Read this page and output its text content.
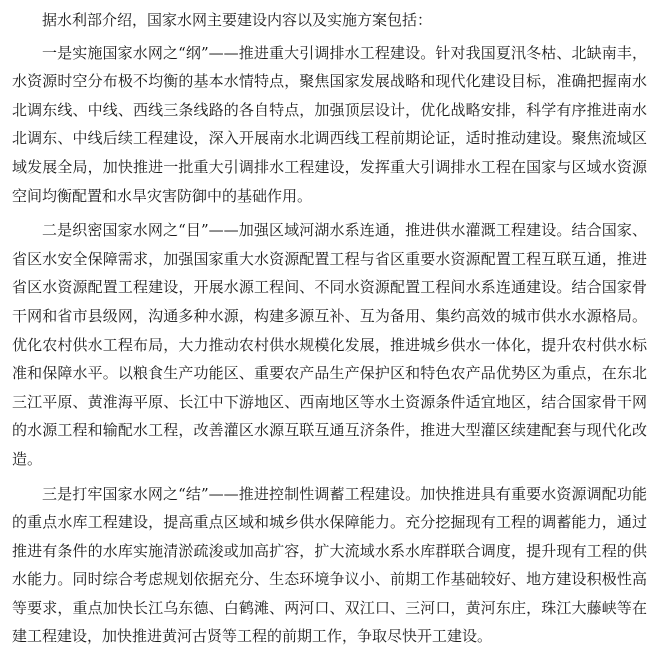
据水利部介绍，国家水网主要建设内容以及实施方案包括：

一是实施国家水网之“纲”——推进重大引调排水工程建设。针对我国夏汛冬枯、北缺南丰，水资源时空分布极不均衡的基本水情特点，聚焦国家发展战略和现代化建设目标，准确把握南水北调东线、中线、西线三条线路的各自特点，加强顶层设计，优化战略安排，科学有序推进南水北调东、中线后续工程建设，深入开展南水北调西线工程前期论证，适时推动建设。聚焦流域区域发展全局，加快推进一批重大引调排水工程建设，发挥重大引调排水工程在国家与区域水资源空间均衡配置和水旱灾害防御中的基础作用。

二是织密国家水网之“目”——加强区域河湖水系连通，推进供水灌溉工程建设。结合国家、省区水安全保障需求，加强国家重大水资源配置工程与省区重要水资源配置工程互联互通，推进省区水资源配置工程建设，开展水源工程间、不同水资源配置工程间水系连通建设。结合国家骨干网和省市县级网，沟通多种水源，构建多源互补、互为备用、集约高效的城市供水水源格局。优化农村供水工程布局，大力推动农村供水规模化发展，推进城乡供水一体化，提升农村供水标准和保障水平。以粮食生产功能区、重要农产品生产保护区和特色农产品优势区为重点，在东北三江平原、黄淮海平原、长江中下游地区、西南地区等水土资源条件适宜地区，结合国家骨干网的水源工程和输配水工程，改善灌区水源互联互通互济条件，推进大型灌区续建配套与现代化改造。

三是打牢国家水网之“结”——推进控制性调蓄工程建设。加快推进具有重要水资源调配功能的重点水库工程建设，提高重点区域和城乡供水保障能力。充分挖掘现有工程的调蓄能力，通过推进有条件的水库实施清淤疏浚或加高扩容，扩大流域水系水库群联合调度，提升现有工程的供水能力。同时综合考虑规划依据充分、生态环境争议小、前期工作基础较好、地方建设积极性高等要求，重点加快长江乌东德、白鹤滩、两河口、双江口、三河口，黄河东庄，珠江大藤峡等在建工程建设，加快推进黄河古贤等工程的前期工作，争取尽快开工建设。
